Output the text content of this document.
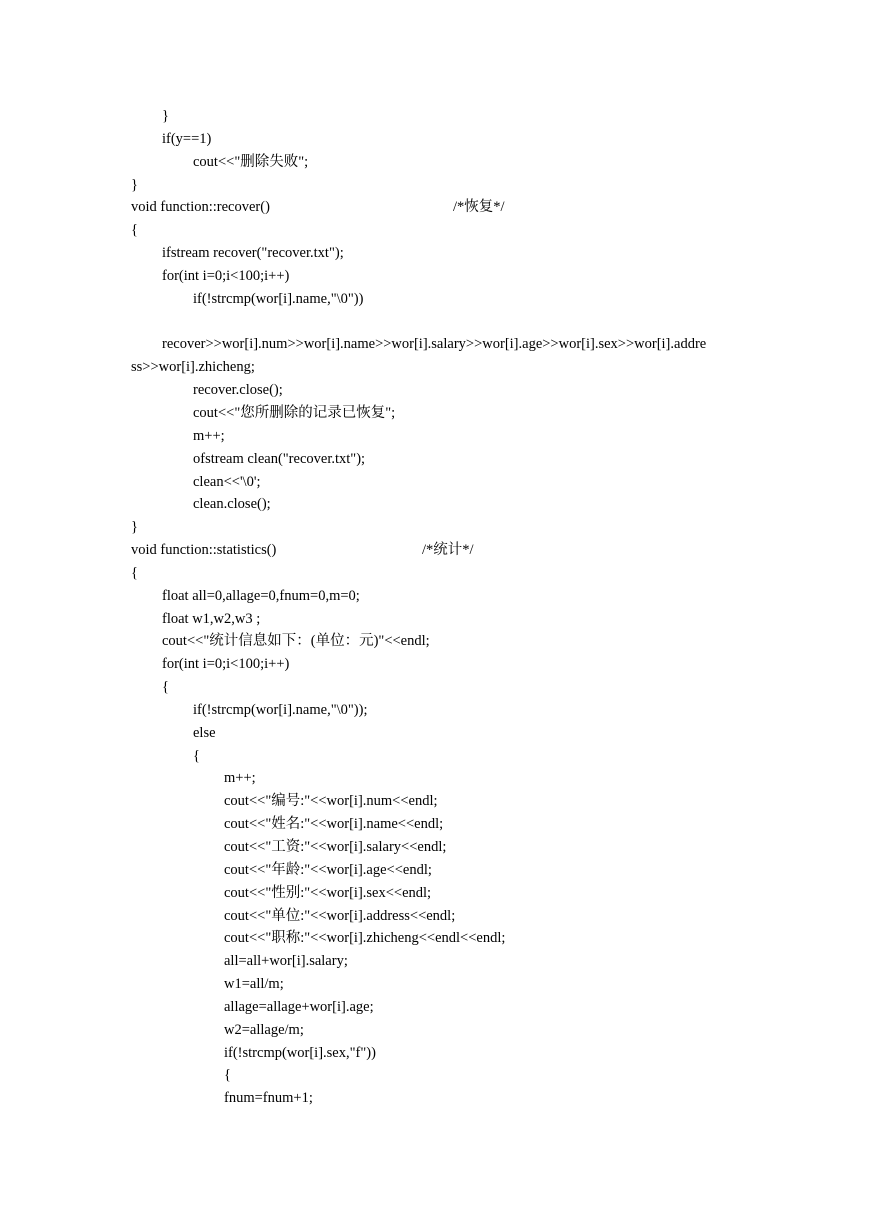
}
if(y==1)
cout<<"删除失败";
}
void function::recover()	/*恢复*/
{
ifstream recover("recover.txt");
for(int i=0;i<100;i++)
if(!strcmp(wor[i].name,"\0"))
recover>>wor[i].num>>wor[i].name>>wor[i].salary>>wor[i].age>>wor[i].sex>>wor[i].addre
ss>>wor[i].zhicheng;
recover.close();
cout<<"您所删除的记录已恢复";
m++;
ofstream clean("recover.txt");
clean<<'\0';
clean.close();
}
void function::statistics()	/*统计*/
{
float all=0,allage=0,fnum=0,m=0;
float w1,w2,w3 ;
cout<<"统计信息如下：(单位：元)"<<endl;
for(int i=0;i<100;i++)
{
if(!strcmp(wor[i].name,"\0"));
else
{
m++;
cout<<"编号:"<<wor[i].num<<endl;
cout<<"姓名:"<<wor[i].name<<endl;
cout<<"工资:"<<wor[i].salary<<endl;
cout<<"年龄:"<<wor[i].age<<endl;
cout<<"性别:"<<wor[i].sex<<endl;
cout<<"单位:"<<wor[i].address<<endl;
cout<<"职称:"<<wor[i].zhicheng<<endl<<endl;
all=all+wor[i].salary;
w1=all/m;
allage=allage+wor[i].age;
w2=allage/m;
if(!strcmp(wor[i].sex,"f"))
{
fnum=fnum+1;
